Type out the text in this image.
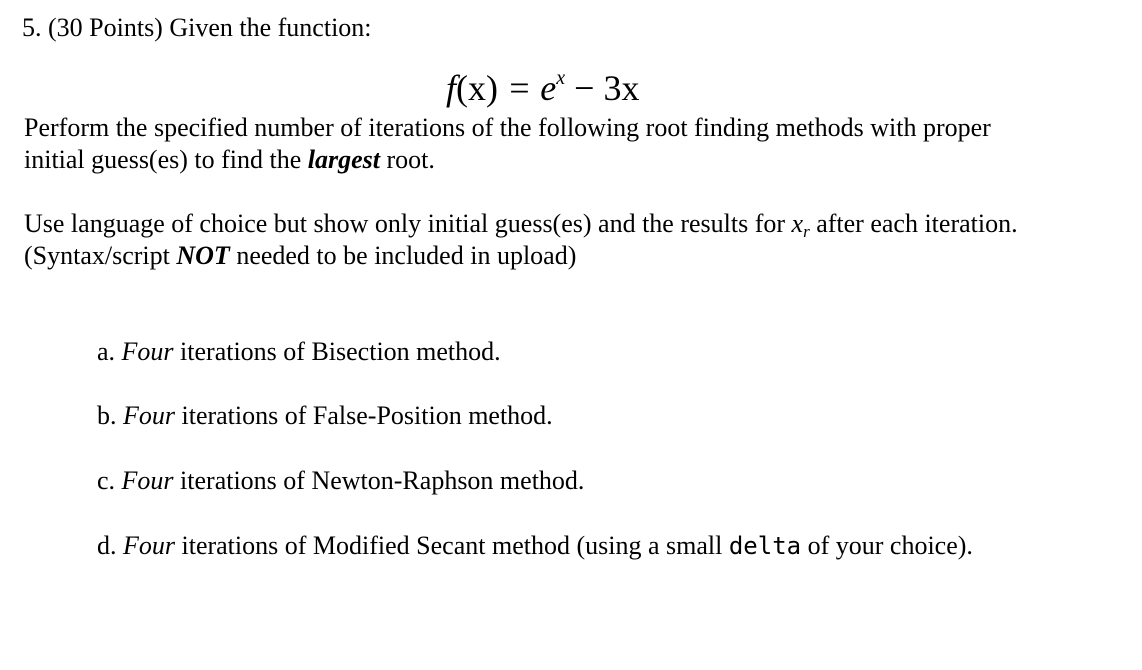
5. (30 Points) Given the function:
$f(x) = e^x - 3x$
Perform the specified number of iterations of the following root finding methods with proper
initial guess(es) to find the largest root.
Use language of choice but show only initial guess(es) and the results for $x_r$ after each iteration.
(Syntax/script NOT needed to be included in upload)
a. Four iterations of Bisection method.
b. Four iterations of False-Position method.
c. Four iterations of Newton-Raphson method.
d. Four iterations of Modified Secant method (using a small delta of your choice).
